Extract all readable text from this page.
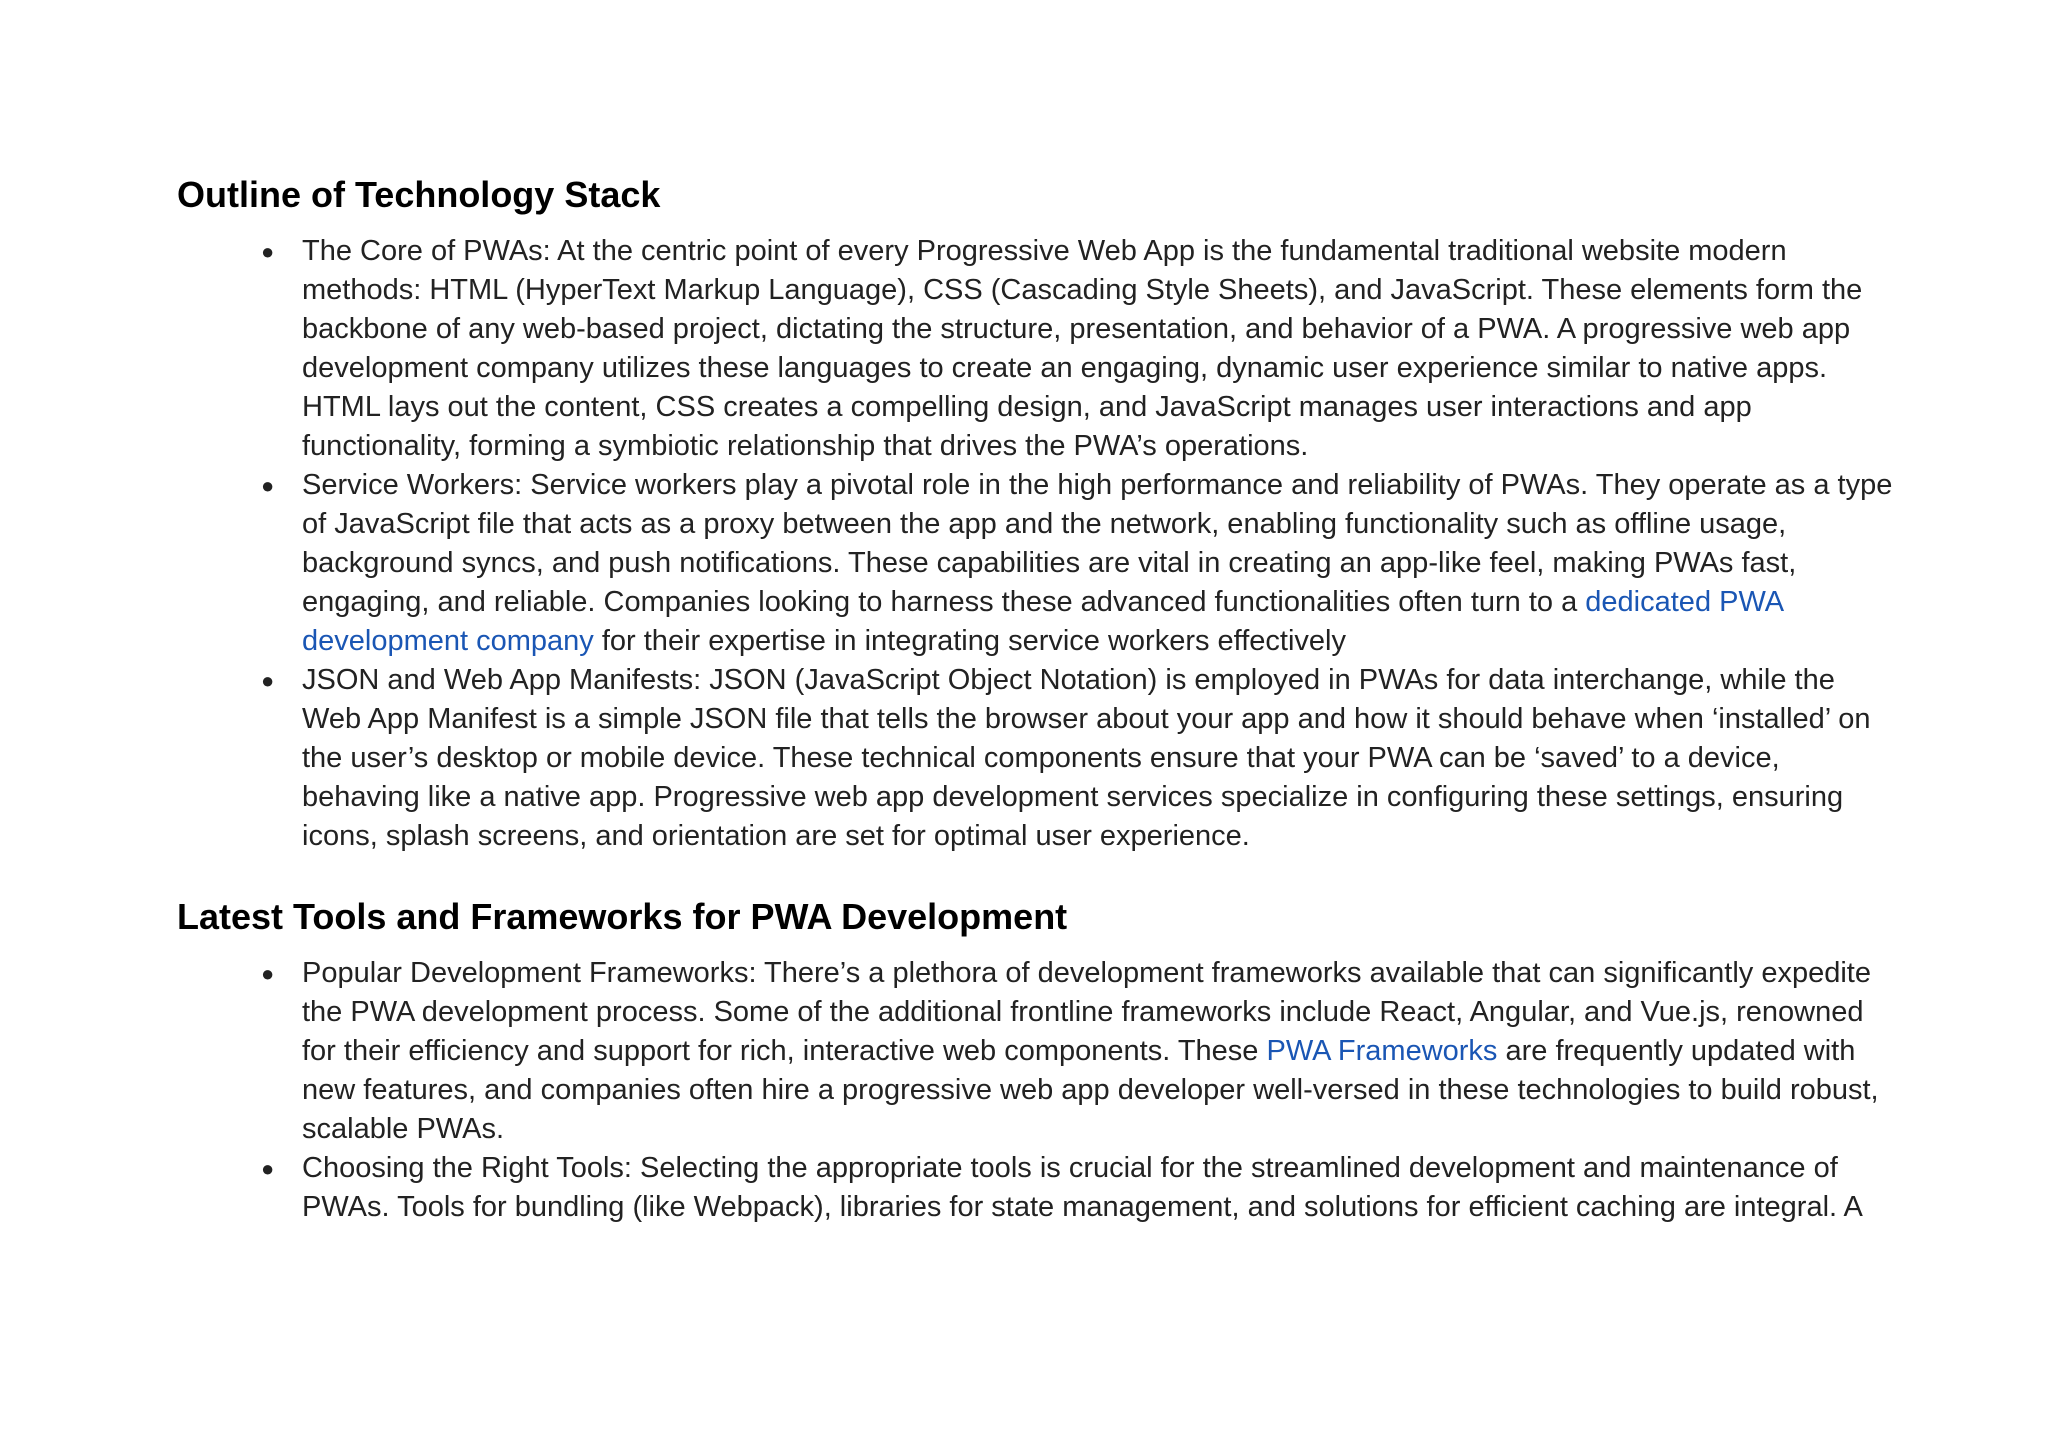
Outline of Technology Stack
● The Core of PWAs: At the centric point of every Progressive Web App is the fundamental traditional website modern methods: HTML (HyperText Markup Language), CSS (Cascading Style Sheets), and JavaScript. These elements form the backbone of any web-based project, dictating the structure, presentation, and behavior of a PWA. A progressive web app development company utilizes these languages to create an engaging, dynamic user experience similar to native apps. HTML lays out the content, CSS creates a compelling design, and JavaScript manages user interactions and app functionality, forming a symbiotic relationship that drives the PWA’s operations.
● Service Workers: Service workers play a pivotal role in the high performance and reliability of PWAs. They operate as a type of JavaScript file that acts as a proxy between the app and the network, enabling functionality such as offline usage, background syncs, and push notifications. These capabilities are vital in creating an app-like feel, making PWAs fast, engaging, and reliable. Companies looking to harness these advanced functionalities often turn to a dedicated PWA development company for their expertise in integrating service workers effectively
● JSON and Web App Manifests: JSON (JavaScript Object Notation) is employed in PWAs for data interchange, while the Web App Manifest is a simple JSON file that tells the browser about your app and how it should behave when ‘installed’ on the user’s desktop or mobile device. These technical components ensure that your PWA can be ‘saved’ to a device, behaving like a native app. Progressive web app development services specialize in configuring these settings, ensuring icons, splash screens, and orientation are set for optimal user experience.
Latest Tools and Frameworks for PWA Development
● Popular Development Frameworks: There’s a plethora of development frameworks available that can significantly expedite the PWA development process. Some of the additional frontline frameworks include React, Angular, and Vue.js, renowned for their efficiency and support for rich, interactive web components. These PWA Frameworks are frequently updated with new features, and companies often hire a progressive web app developer well-versed in these technologies to build robust, scalable PWAs.
● Choosing the Right Tools: Selecting the appropriate tools is crucial for the streamlined development and maintenance of PWAs. Tools for bundling (like Webpack), libraries for state management, and solutions for efficient caching are integral. A
